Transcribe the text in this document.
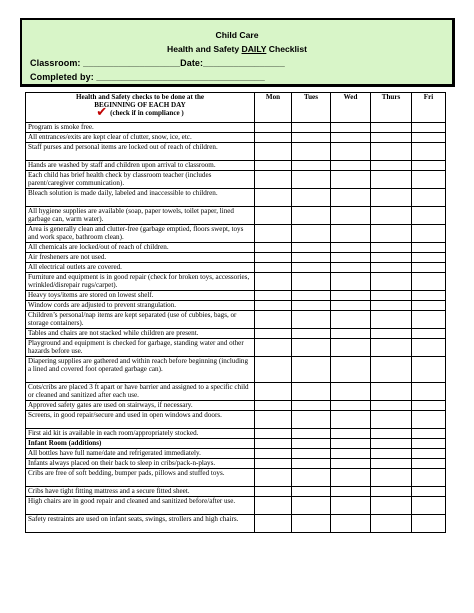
Child Care
Health and Safety DAILY Checklist
Classroom: ___________________Date:________________
Completed by: _________________________________
Health and Safety checks to be done at the
BEGINNING OF EACH DAY
✔ (check if in compliance )	Mon	Tues	Wed	Thurs	Fri
Program is smoke free.					
All entrances/exits are kept clear of clutter, snow, ice, etc.					
Staff purses and personal items are locked out of reach of children.					
Hands are washed by staff and children upon arrival to classroom.					
Each child has brief health check by classroom teacher (includes parent/caregiver communication).					
Bleach solution is made daily, labeled and inaccessible to children.					
All hygiene supplies are available (soap, paper towels, toilet paper, lined garbage can, warm water).					
Area is generally clean and clutter-free (garbage emptied, floors swept, toys and work space, bathroom clean).					
All chemicals are locked/out of reach of children.					
Air fresheners are not used.					
All electrical outlets are covered.					
Furniture and equipment is in good repair (check for broken toys, accessories, wrinkled/disrepair rugs/carpet).					
Heavy toys/items are stored on lowest shelf.					
Window cords are adjusted to prevent strangulation.					
Children’s personal/nap items are kept separated (use of cubbies, bags, or storage containers).					
Tables and chairs are not stacked while children are present.					
Playground and equipment is checked for garbage, standing water and other hazards before use.					
Diapering supplies are gathered and within reach before beginning (including a lined and covered foot operated garbage can).					
Cots/cribs are placed 3 ft apart or have barrier and assigned to a specific child or cleaned and sanitized after each use.					
Approved safety gates are used on stairways, if necessary.					
Screens, in good repair/secure and used in open windows and doors.					
First aid kit is available in each room/appropriately stocked.					
Infant Room (additions)					
All bottles have full name/date and refrigerated immediately.					
Infants always placed on their back to sleep in cribs/pack-n-plays.					
Cribs are free of soft bedding, bumper pads, pillows and stuffed toys.					
Cribs have tight fitting mattress and a secure fitted sheet.					
High chairs are in good repair and cleaned and sanitized before/after use.					
Safety restraints are used on infant seats, swings, strollers and high chairs.					
